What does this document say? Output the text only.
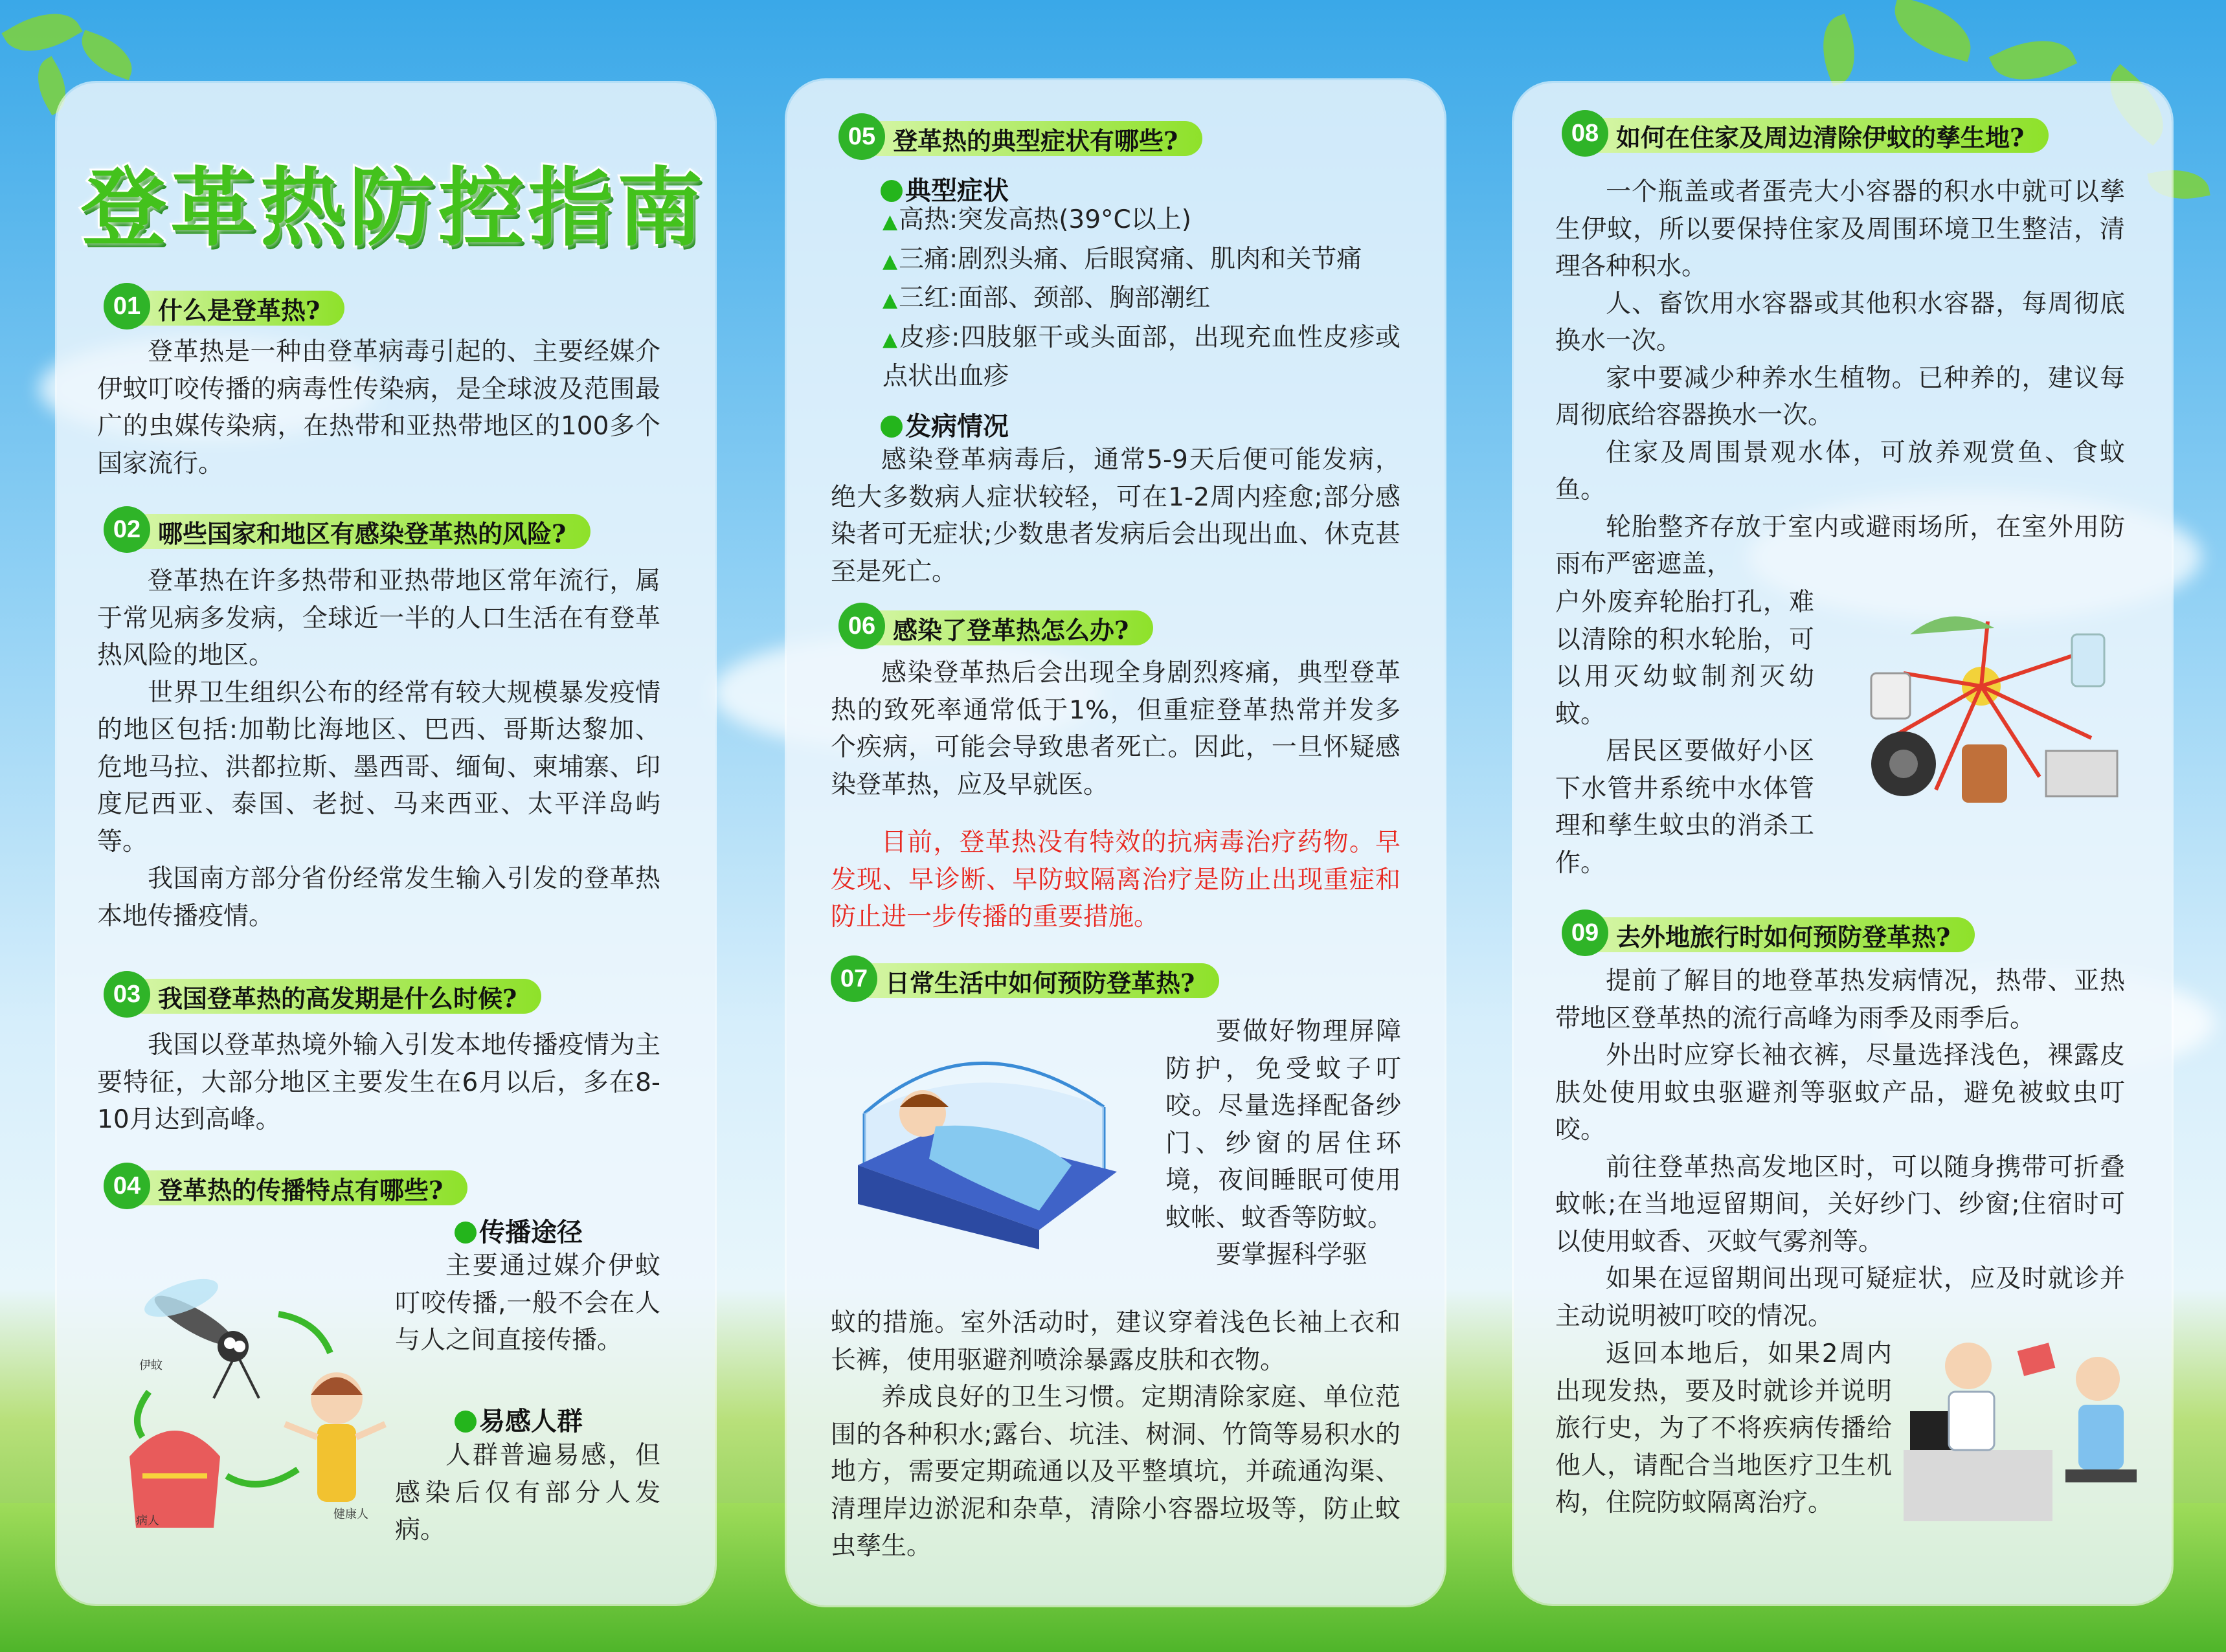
登革热防控指南
什么是登革热?
01

登革热是一种由登革病毒引起的、主要经媒介伊蚊叮咬传播的病毒性传染病，是全球波及范围最广的虫媒传染病，在热带和亚热带地区的100多个国家流行。

哪些国家和地区有感染登革热的风险?
02

登革热在许多热带和亚热带地区常年流行，属于常见病多发病，全球近一半的人口生活在有登革热风险的地区。

世界卫生组织公布的经常有较大规模暴发疫情的地区包括:加勒比海地区、巴西、哥斯达黎加、危地马拉、洪都拉斯、墨西哥、缅甸、柬埔寨、印度尼西亚、泰国、老挝、马来西亚、太平洋岛屿等。

我国南方部分省份经常发生输入引发的登革热本地传播疫情。

我国登革热的高发期是什么时候?
03

我国以登革热境外输入引发本地传播疫情为主要特征，大部分地区主要发生在6月以后，多在8-10月达到高峰。

登革热的传播特点有哪些?
04
传播途径

主要通过媒介伊蚊叮咬传播,一般不会在人与人之间直接传播。

易感人群

人群普遍易感，但感染后仅有部分人发病。

伊蚊
病人	健康人
登革热的典型症状有哪些?
05
典型症状

▲高热:突发高热(39°C以上)

▲三痛:剧烈头痛、后眼窝痛、肌肉和关节痛

▲三红:面部、颈部、胸部潮红

▲皮疹:四肢躯干或头面部，出现充血性皮疹或点状出血疹

发病情况

感染登革病毒后，通常5-9天后便可能发病，绝大多数病人症状较轻，可在1-2周内痊愈;部分感染者可无症状;少数患者发病后会出现出血、休克甚至是死亡。

感染了登革热怎么办?
06

感染登革热后会出现全身剧烈疼痛，典型登革热的致死率通常低于1%，但重症登革热常并发多个疾病，可能会导致患者死亡。因此，一旦怀疑感染登革热，应及早就医。

目前，登革热没有特效的抗病毒治疗药物。早发现、早诊断、早防蚊隔离治疗是防止出现重症和防止进一步传播的重要措施。

日常生活中如何预防登革热?
07

要做好物理屏障防护，免受蚊子叮咬。尽量选择配备纱门、纱窗的居住环境，夜间睡眠可使用蚊帐、蚊香等防蚊。

要掌握科学驱

蚊的措施。室外活动时，建议穿着浅色长袖上衣和长裤，使用驱避剂喷涂暴露皮肤和衣物。

养成良好的卫生习惯。定期清除家庭、单位范围的各种积水;露台、坑洼、树洞、竹筒等易积水的地方，需要定期疏通以及平整填坑，并疏通沟渠、清理岸边淤泥和杂草，清除小容器垃圾等，防止蚊虫孳生。

如何在住家及周边清除伊蚊的孳生地?
08

一个瓶盖或者蛋壳大小容器的积水中就可以孳生伊蚊，所以要保持住家及周围环境卫生整洁，清理各种积水。

人、畜饮用水容器或其他积水容器，每周彻底换水一次。

家中要减少种养水生植物。已种养的，建议每周彻底给容器换水一次。

住家及周围景观水体，可放养观赏鱼、食蚊鱼。

轮胎整齐存放于室内或避雨场所，在室外用防雨布严密遮盖，

户外废弃轮胎打孔，难以清除的积水轮胎，可以用灭幼蚊制剂灭幼蚊。

居民区要做好小区下水管井系统中水体管理和孳生蚊虫的消杀工作。

去外地旅行时如何预防登革热?
09

提前了解目的地登革热发病情况，热带、亚热带地区登革热的流行高峰为雨季及雨季后。

外出时应穿长袖衣裤，尽量选择浅色，裸露皮肤处使用蚊虫驱避剂等驱蚊产品，避免被蚊虫叮咬。

前往登革热高发地区时，可以随身携带可折叠蚊帐;在当地逗留期间，关好纱门、纱窗;住宿时可以使用蚊香、灭蚊气雾剂等。

如果在逗留期间出现可疑症状，应及时就诊并主动说明被叮咬的情况。

返回本地后，如果2周内出现发热，要及时就诊并说明旅行史，为了不将疾病传播给他人，请配合当地医疗卫生机构，住院防蚊隔离治疗。
